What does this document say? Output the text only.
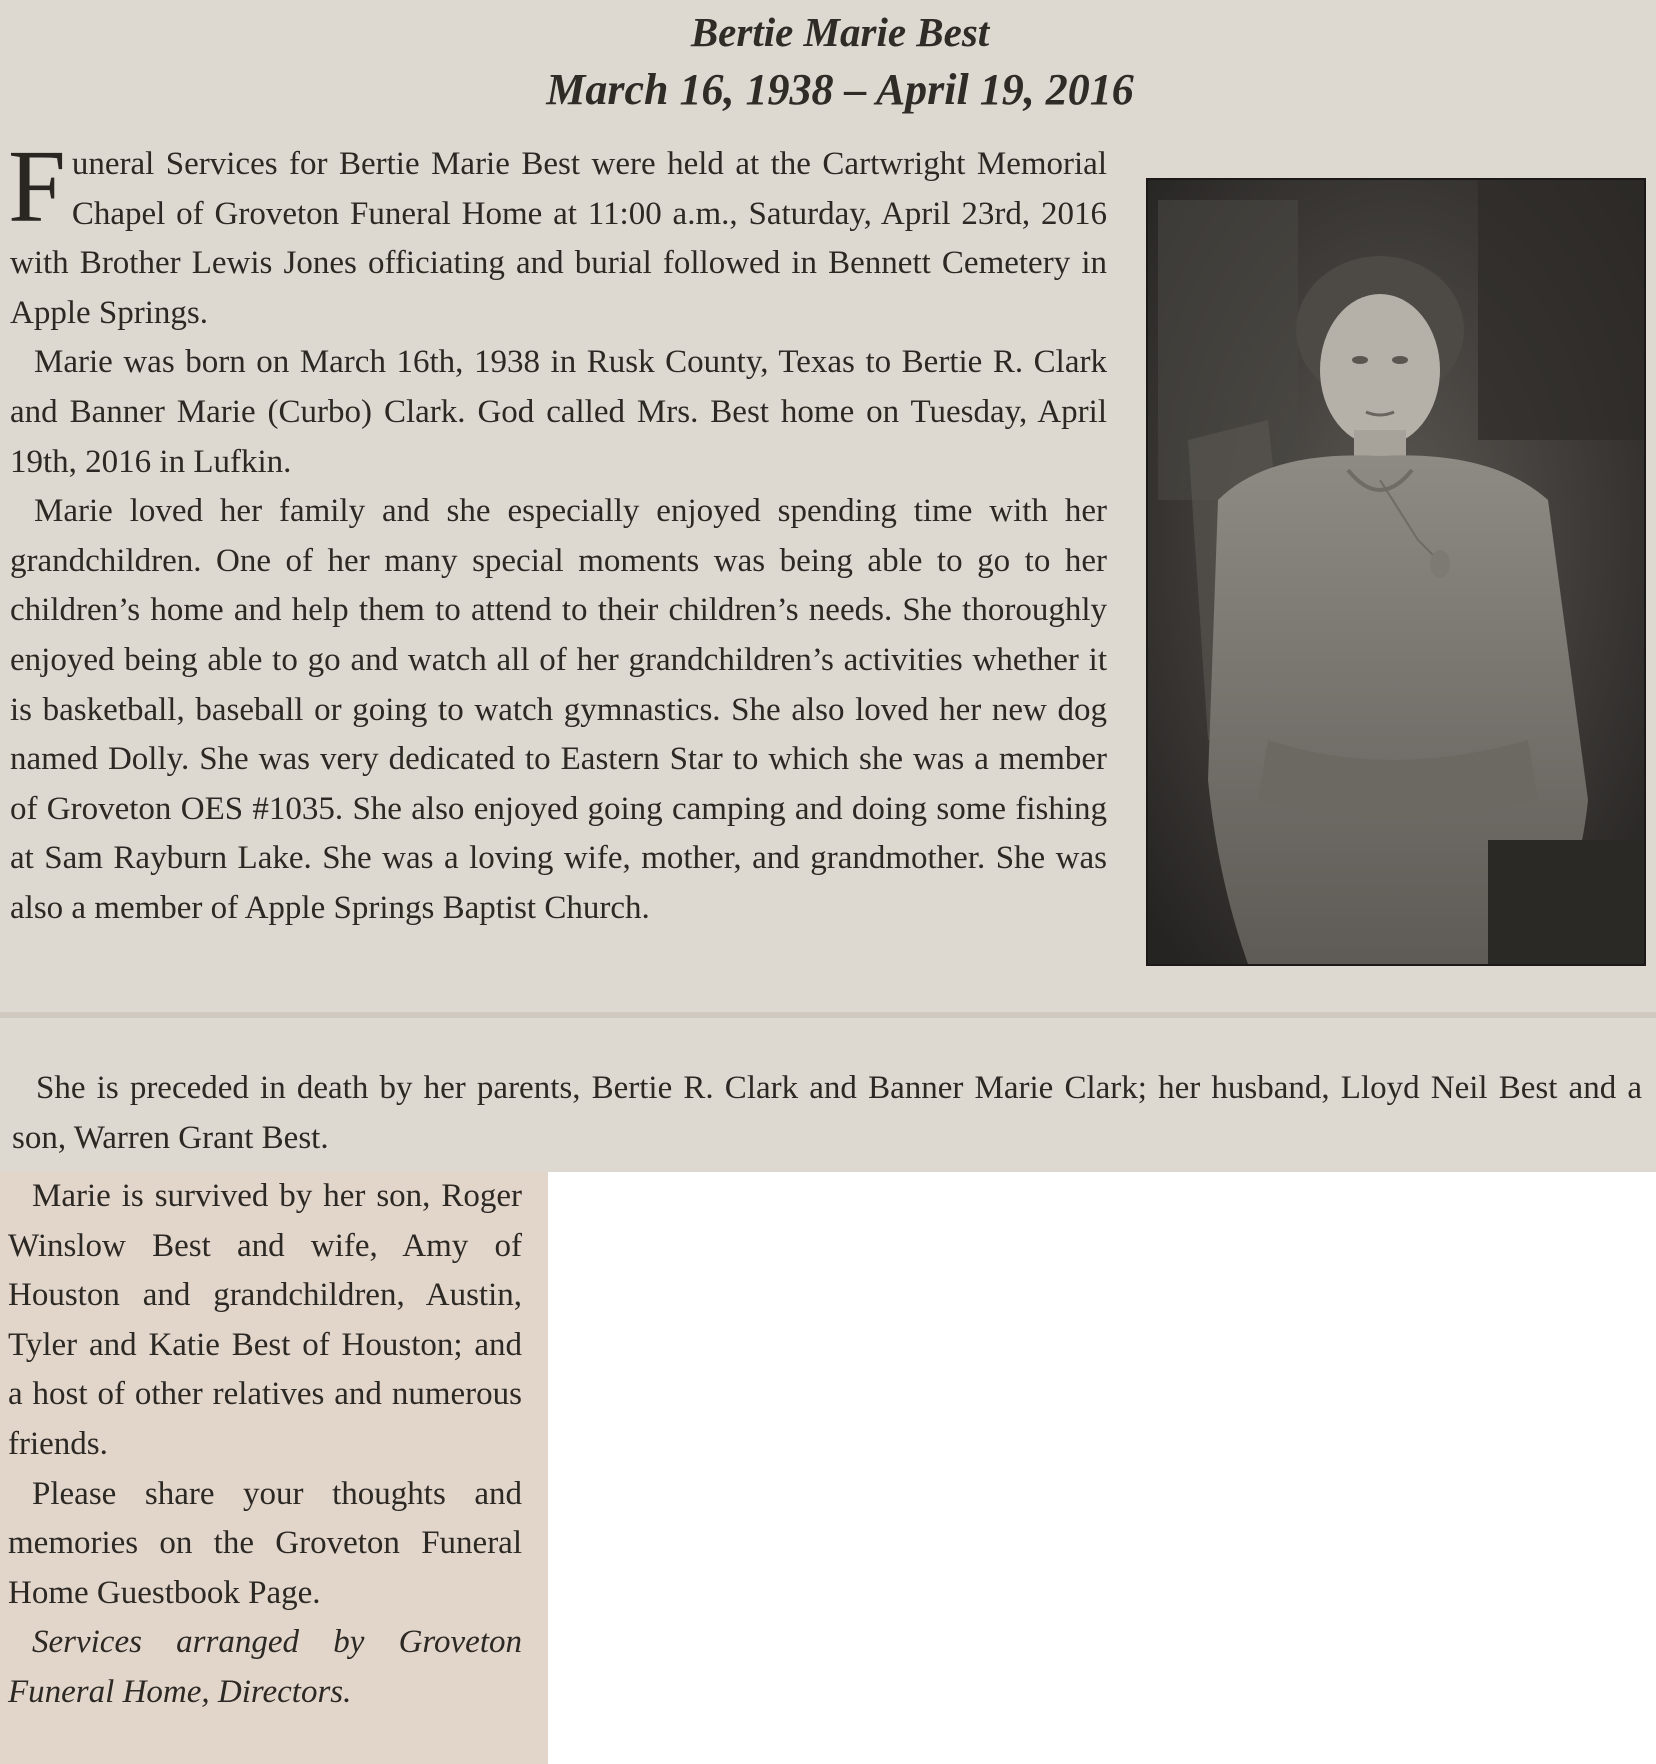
Bertie Marie Best
March 16, 1938 – April 19, 2016

Funeral Services for Bertie Marie Best were held at the Cartwright Memorial Chapel of Groveton Funeral Home at 11:00 a.m., Saturday, April 23rd, 2016 with Brother Lewis Jones officiating and burial followed in Bennett Cemetery in Apple Springs.

Marie was born on March 16th, 1938 in Rusk County, Texas to Bertie R. Clark and Banner Marie (Curbo) Clark. God called Mrs. Best home on Tuesday, April 19th, 2016 in Lufkin.

Marie loved her family and she especially enjoyed spending time with her grandchildren. One of her many special moments was being able to go to her children’s home and help them to attend to their children’s needs. She thoroughly enjoyed being able to go and watch all of her grandchildren’s activities whether it is basketball, baseball or going to watch gymnastics. She also loved her new dog named Dolly. She was very dedicated to Eastern Star to which she was a member of Groveton OES #1035. She also enjoyed going camping and doing some fishing at Sam Rayburn Lake. She was a loving wife, mother, and grandmother. She was also a member of Apple Springs Baptist Church.

She is preceded in death by her parents, Bertie R. Clark and Banner Marie Clark; her husband, Lloyd Neil Best and a son, Warren Grant Best.

Marie is survived by her son, Roger Winslow Best and wife, Amy of Houston and grandchildren, Austin, Tyler and Katie Best of Houston; and a host of other relatives and numerous friends.

Please share your thoughts and memories on the Groveton Funeral Home Guestbook Page.

Services arranged by Groveton Funeral Home, Directors.
